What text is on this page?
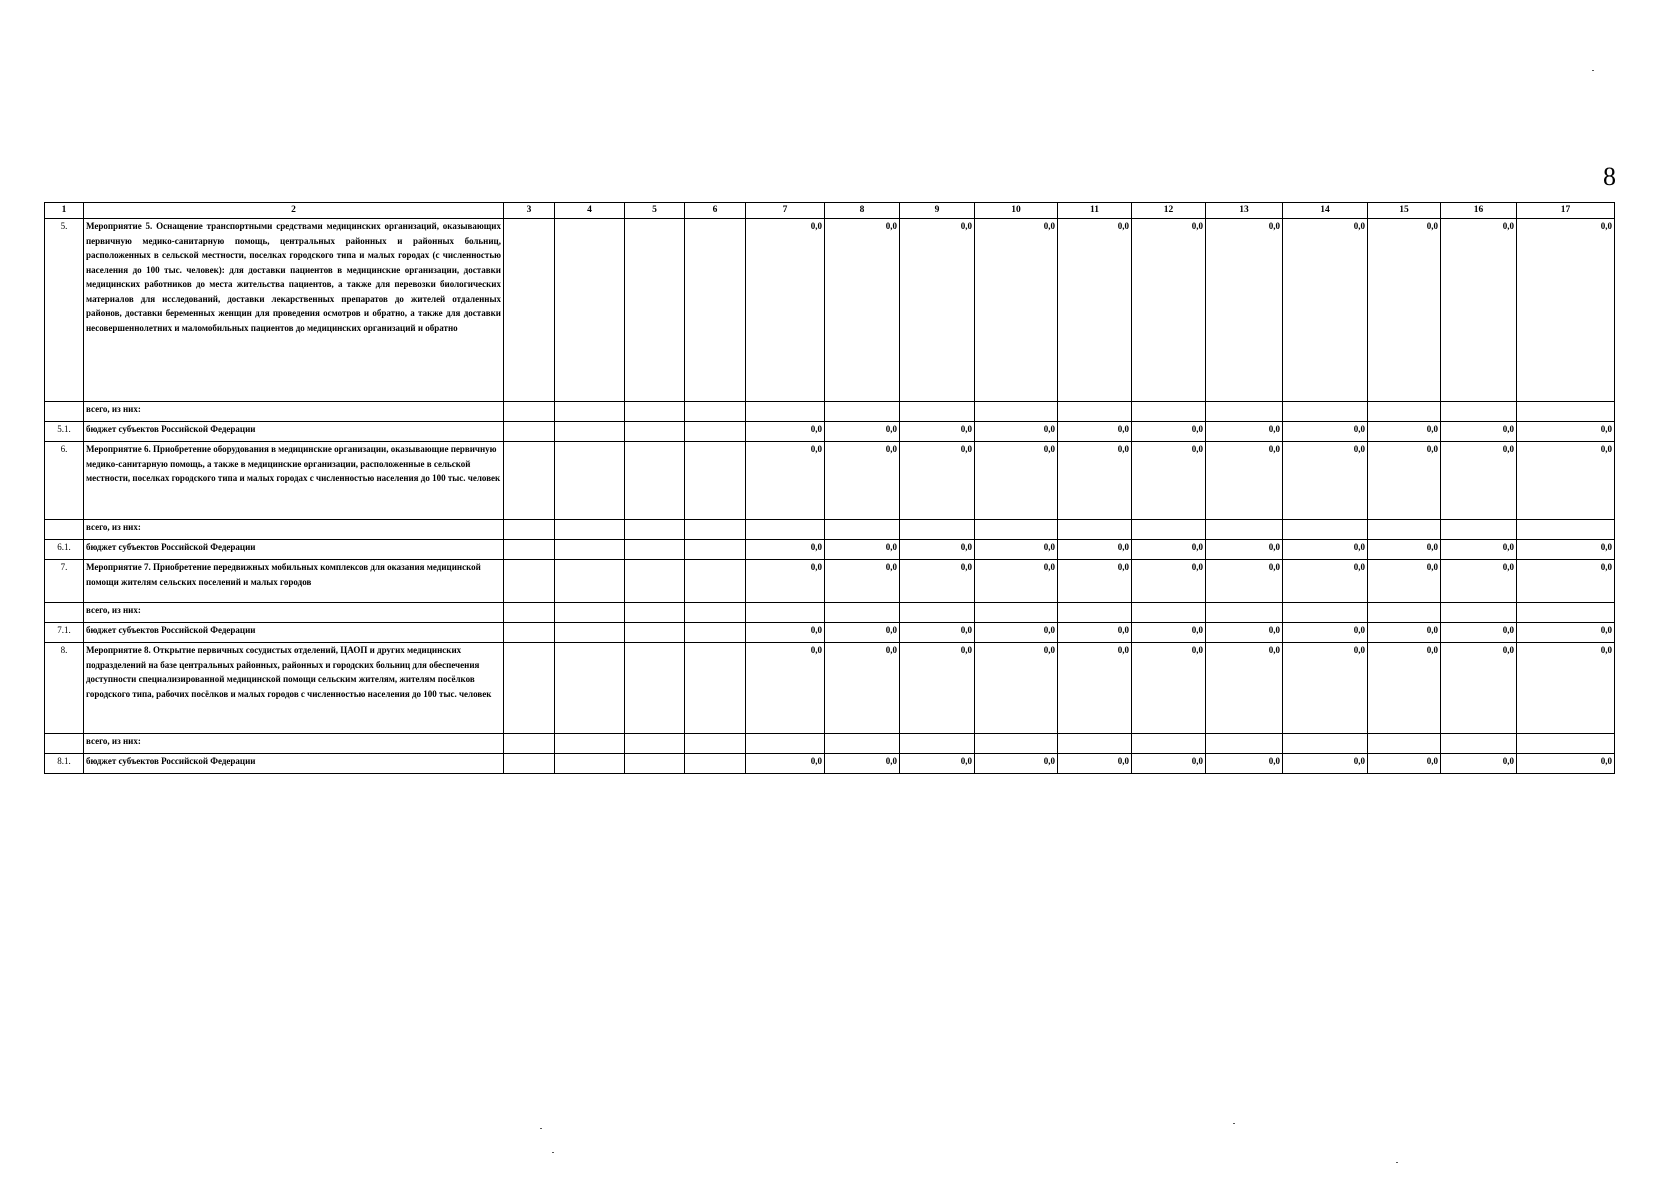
8
1	2	3	4	5	6	7	8	9	10	11	12	13	14	15	16	17
5.	Мероприятие 5. Оснащение транспортными средствами медицинских организаций, оказывающих первичную медико-санитарную помощь, центральных районных и районных больниц, расположенных в сельской местности, поселках городского типа и малых городах (с численностью населения до 100 тыс. человек): для доставки пациентов в медицинские организации, доставки медицинских работников до места жительства пациентов, а также для перевозки биологических материалов для исследований, доставки лекарственных препаратов до жителей отдаленных районов, доставки беременных женщин для проведения осмотров и обратно, а также для доставки несовершеннолетних и маломобильных пациентов до медицинских организаций и обратно					0,0	0,0	0,0	0,0	0,0	0,0	0,0	0,0	0,0	0,0	0,0
	всего, из них:															
5.1.	бюджет субъектов Российской Федерации					0,0	0,0	0,0	0,0	0,0	0,0	0,0	0,0	0,0	0,0	0,0
6.	Мероприятие 6. Приобретение оборудования в медицинские организации, оказывающие первичную медико-санитарную помощь, а также в медицинские организации, расположенные в сельской местности, поселках городского типа и малых городах с численностью населения до 100 тыс. человек					0,0	0,0	0,0	0,0	0,0	0,0	0,0	0,0	0,0	0,0	0,0
	всего, из них:															
6.1.	бюджет субъектов Российской Федерации					0,0	0,0	0,0	0,0	0,0	0,0	0,0	0,0	0,0	0,0	0,0
7.	Мероприятие 7. Приобретение передвижных мобильных комплексов для оказания медицинской помощи жителям сельских поселений и малых городов					0,0	0,0	0,0	0,0	0,0	0,0	0,0	0,0	0,0	0,0	0,0
	всего, из них:															
7.1.	бюджет субъектов Российской Федерации					0,0	0,0	0,0	0,0	0,0	0,0	0,0	0,0	0,0	0,0	0,0
8.	Мероприятие 8. Открытие первичных сосудистых отделений, ЦАОП и других медицинских подразделений на базе центральных районных, районных и городских больниц для обеспечения доступности специализированной медицинской помощи сельским жителям, жителям посёлков городского типа, рабочих посёлков и малых городов с численностью населения до 100 тыс. человек					0,0	0,0	0,0	0,0	0,0	0,0	0,0	0,0	0,0	0,0	0,0
	всего, из них:															
8.1.	бюджет субъектов Российской Федерации					0,0	0,0	0,0	0,0	0,0	0,0	0,0	0,0	0,0	0,0	0,0
